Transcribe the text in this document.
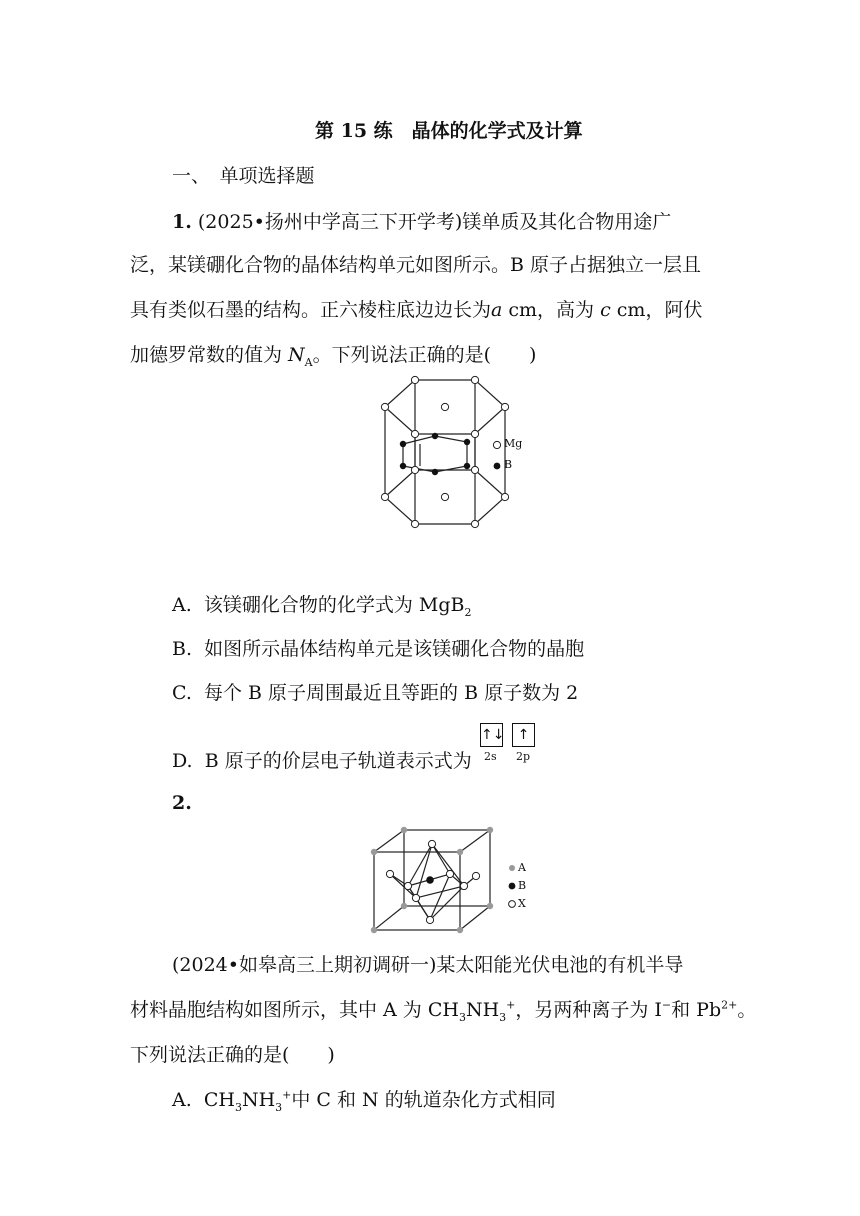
第 15 练　晶体的化学式及计算
一、　单项选择题
1. (2025•扬州中学高三下开学考)镁单质及其化合物用途广
泛，某镁硼化合物的晶体结构单元如图所示。B 原子占据独立一层且
具有类似石墨的结构。正六棱柱底边边长为a cm，高为 c cm，阿伏
加德罗常数的值为 $N_A$。下列说法正确的是(　　)
Mg
B
A. 该镁硼化合物的化学式为 MgB$_2$
B. 如图所示晶体结构单元是该镁硼化合物的晶胞
C. 每个 B 原子周围最近且等距的 B 原子数为 2
D. B 原子的价层电子轨道表示式为
↑↓ ↑
2s 2p
2.
A
B
X
(2024•如皋高三上期初调研一)某太阳能光伏电池的有机半导
材料晶胞结构如图所示，其中 A 为 $CH_3NH_3^+$，另两种离子为 I−和 $Pb^{2+}$。
下列说法正确的是(　　)
A. $CH_3NH_3^+$中 C 和 N 的轨道杂化方式相同
